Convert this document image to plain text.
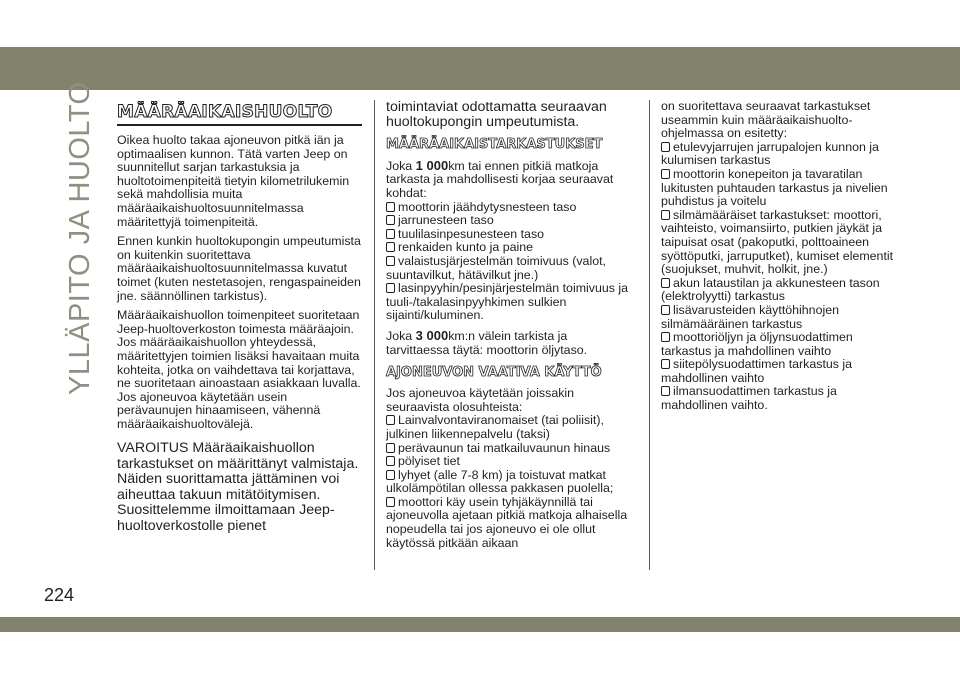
YLLÄPITO JA HUOLTO
224
MÄÄRÄAIKAISHUOLTO

Oikea huolto takaa ajoneuvon pitkä iän ja optimaalisen kunnon. Tätä varten Jeep on suunnitellut sarjan tarkastuksia ja huoltotoimenpiteitä tietyin kilometrilukemin sekä mahdollisia muita määräaikaishuoltosuunnitelmassa määritettyjä toimenpiteitä.

Ennen kunkin huoltokupongin umpeutumista on kuitenkin suoritettava määräaikaishuoltosuunnitelmassa kuvatut toimet (kuten nestetasojen, rengaspaineiden jne. säännöllinen tarkistus).

Määräaikaishuollon toimenpiteet suoritetaan Jeep-huoltoverkoston toimesta määräajoin. Jos määräaikaishuollon yhteydessä, määritettyjen toimien lisäksi havaitaan muita kohteita, jotka on vaihdettava tai korjattava, ne suoritetaan ainoastaan asiakkaan luvalla. Jos ajoneuvoa käytetään usein perävaunujen hinaamiseen, vähennä määräaikaishuoltovälejä.

VAROITUS Määräaikaishuollon tarkastukset on määrittänyt valmistaja. Näiden suorittamatta jättäminen voi aiheuttaa takuun mitätöitymisen. Suosittelemme ilmoittamaan Jeep-huoltoverkostolle pienet

toimintaviat odottamatta seuraavan huoltokupongin umpeutumista.

MÄÄRÄAIKAISTARKASTUKSET

Joka 1 000km tai ennen pitkiä matkoja tarkasta ja mahdollisesti korjaa seuraavat kohdat:

moottorin jäähdytysnesteen taso
jarrunesteen taso
tuulilasinpesunesteen taso
renkaiden kunto ja paine
valaistusjärjestelmän toimivuus (valot, suuntavilkut, hätävilkut jne.)
lasinpyyhin/pesinjärjestelmän toimivuus ja tuuli-/takalasinpyyhkimen sulkien sijainti/kuluminen.

Joka 3 000km:n välein tarkista ja tarvittaessa täytä: moottorin öljytaso.

AJONEUVON VAATIVA KÄYTTÖ

Jos ajoneuvoa käytetään joissakin seuraavista olosuhteista:

Lainvalvontaviranomaiset (tai poliisit), julkinen liikennepalvelu (taksi)
perävaunun tai matkailuvaunun hinaus
pölyiset tiet
lyhyet (alle 7-8 km) ja toistuvat matkat ulkolämpötilan ollessa pakkasen puolella;
moottori käy usein tyhjäkäynnillä tai ajoneuvolla ajetaan pitkiä matkoja alhaisella nopeudella tai jos ajoneuvo ei ole ollut käytössä pitkään aikaan

on suoritettava seuraavat tarkastukset useammin kuin määräaikaishuolto-ohjelmassa on esitetty:

etulevyjarrujen jarrupalojen kunnon ja kulumisen tarkastus
moottorin konepeiton ja tavaratilan lukitusten puhtauden tarkastus ja nivelien puhdistus ja voitelu
silmämääräiset tarkastukset: moottori, vaihteisto, voimansiirto, putkien jäykät ja taipuisat osat (pakoputki, polttoaineen syöttöputki, jarruputket), kumiset elementit (suojukset, muhvit, holkit, jne.)
akun lataustilan ja akkunesteen tason (elektrolyytti) tarkastus
lisävarusteiden käyttöhihnojen silmämääräinen tarkastus
moottoriöljyn ja öljynsuodattimen tarkastus ja mahdollinen vaihto
siitepölysuodattimen tarkastus ja mahdollinen vaihto
ilmansuodattimen tarkastus ja mahdollinen vaihto.
